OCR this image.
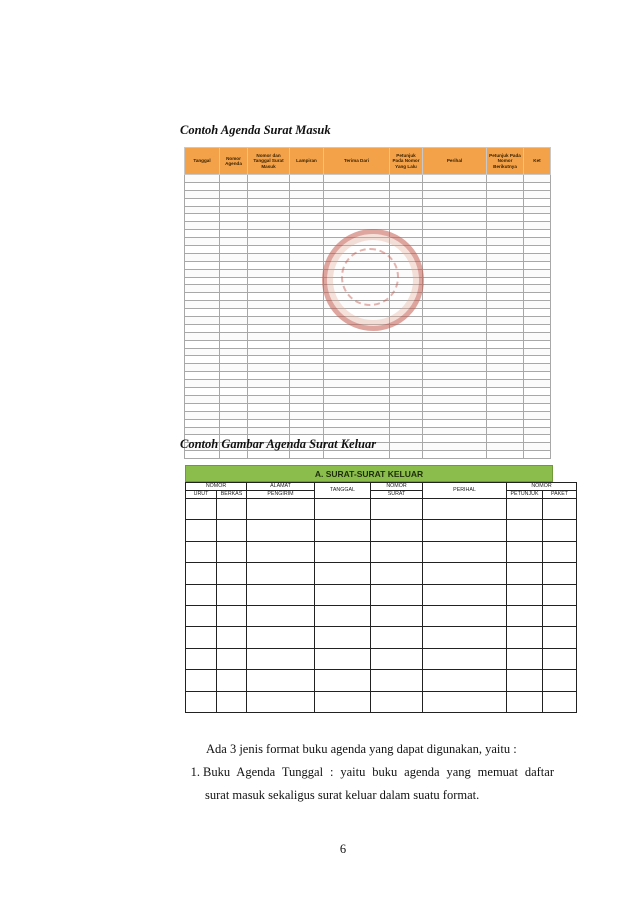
Contoh Agenda Surat Masuk
Tanggal	Nomor Agenda	Nomor dan Tanggal Surat Masuk	Lampiran	Terima Dari	Petunjuk Pada Nomor Yang Lalu	Perihal	Petunjuk Pada Nomor Berikutnya	Ket

Contoh Gambar Agenda Surat Keluar
A. SURAT-SURAT KELUAR
NOMOR		ALAMAT	TANGGAL	NOMOR	PERIHAL	NOMOR	
URUT	BERKAS	PENGIRIM		SURAT		PETUNJUK	PAKET

Ada 3 jenis format buku agenda yang dapat digunakan, yaitu :
1. Buku Agenda Tunggal : yaitu buku agenda yang memuat daftar
surat masuk sekaligus surat keluar dalam suatu format.
6
